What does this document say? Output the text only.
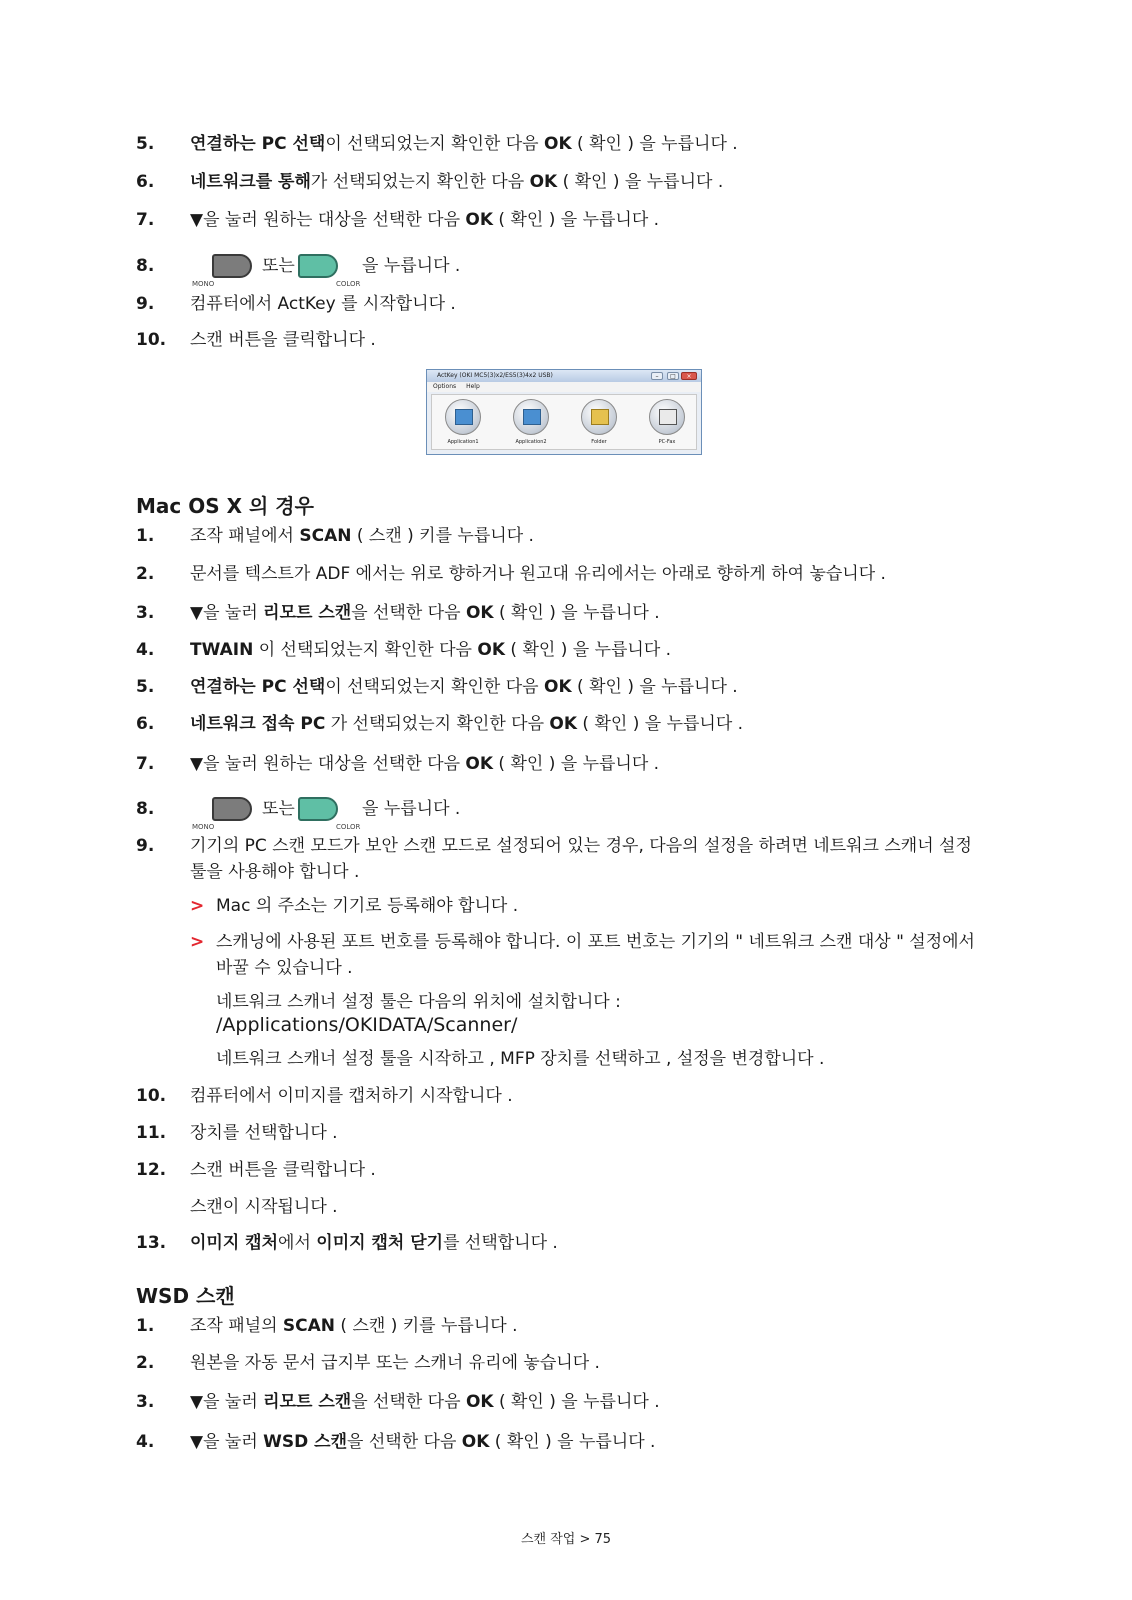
5. 연결하는 PC 선택이 선택되었는지 확인한 다음 OK ( 확인 ) 을 누릅니다 .
6. 네트워크를 통해가 선택되었는지 확인한 다음 OK ( 확인 ) 을 누릅니다 .
7. ▼을 눌러 원하는 대상을 선택한 다음 OK ( 확인 ) 을 누릅니다 .
8.
MONO
또는
COLOR
을 누릅니다 .
9. 컴퓨터에서 ActKey 를 시작합니다 .
10. 스캔 버튼을 클릭합니다 .
ActKey (OKI MC5(3)x2/ES5(3)4x2 USB)	–	□	×
Options Help
Application1	Application2	Folder	PC-Fax
Mac OS X 의 경우
1. 조작 패널에서 SCAN ( 스캔 ) 키를 누릅니다 .
2. 문서를 텍스트가 ADF 에서는 위로 향하거나 원고대 유리에서는 아래로 향하게 하여 놓습니다 .
3. ▼을 눌러 리모트 스캔을 선택한 다음 OK ( 확인 ) 을 누릅니다 .
4. TWAIN 이 선택되었는지 확인한 다음 OK ( 확인 ) 을 누릅니다 .
5. 연결하는 PC 선택이 선택되었는지 확인한 다음 OK ( 확인 ) 을 누릅니다 .
6. 네트워크 접속 PC 가 선택되었는지 확인한 다음 OK ( 확인 ) 을 누릅니다 .
7. ▼을 눌러 원하는 대상을 선택한 다음 OK ( 확인 ) 을 누릅니다 .
8.
MONO
또는
COLOR
을 누릅니다 .
9. 기기의 PC 스캔 모드가 보안 스캔 모드로 설정되어 있는 경우, 다음의 설정을 하려면 네트워크 스캐너 설정
툴을 사용해야 합니다 .
> Mac 의 주소는 기기로 등록해야 합니다 .
> 스캐닝에 사용된 포트 번호를 등록해야 합니다. 이 포트 번호는 기기의 " 네트워크 스캔 대상 " 설정에서
바꿀 수 있습니다 .
네트워크 스캐너 설정 툴은 다음의 위치에 설치합니다 :
/Applications/OKIDATA/Scanner/
네트워크 스캐너 설정 툴을 시작하고 , MFP 장치를 선택하고 , 설정을 변경합니다 .
10. 컴퓨터에서 이미지를 캡처하기 시작합니다 .
11. 장치를 선택합니다 .
12. 스캔 버튼을 클릭합니다 .
스캔이 시작됩니다 .
13. 이미지 캡처에서 이미지 캡처 닫기를 선택합니다 .
WSD 스캔
1. 조작 패널의 SCAN ( 스캔 ) 키를 누릅니다 .
2. 원본을 자동 문서 급지부 또는 스캐너 유리에 놓습니다 .
3. ▼을 눌러 리모트 스캔을 선택한 다음 OK ( 확인 ) 을 누릅니다 .
4. ▼을 눌러 WSD 스캔을 선택한 다음 OK ( 확인 ) 을 누릅니다 .
스캔 작업 > 75
